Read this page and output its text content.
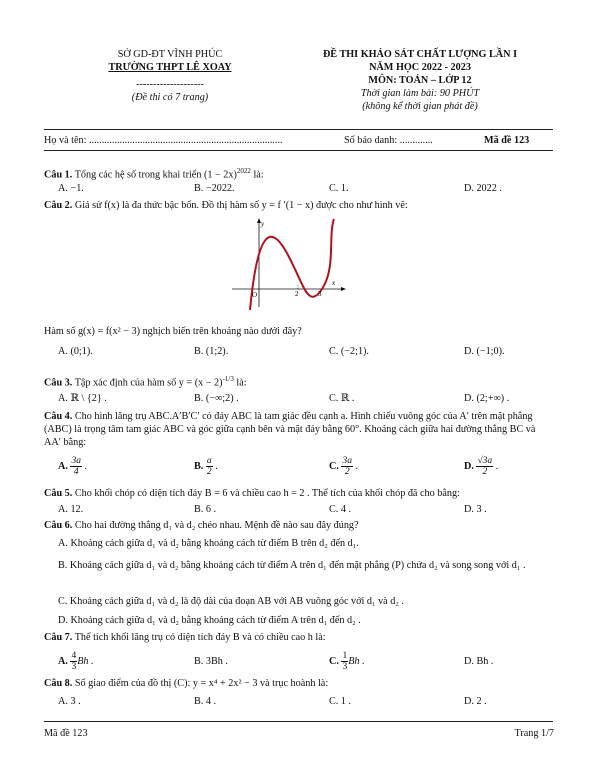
SỞ GD-ĐT VĨNH PHÚC
TRƯỜNG THPT LÊ XOAY
--------------------
(Đề thi có 7 trang)
ĐỀ THI KHẢO SÁT CHẤT LƯỢNG LẦN I
NĂM HỌC 2022 - 2023
MÔN: TOÁN – LỚP 12
Thời gian làm bài: 90 PHÚT
(không kể thời gian phát đề)
Họ và tên: ............................................................................	Số báo danh: .............	Mã đề 123
Câu 1. Tổng các hệ số trong khai triển $(1 - 2x)^{2022}$ là:
A. −1.	B. −2022.	C. 1.	D. 2022 .
Câu 2. Giả sử f(x) là đa thức bậc bốn. Đồ thị hàm số y = f ′(1 − x) được cho như hình vẽ:
y
x
O	2	3
Hàm số g(x) = f(x² − 3) nghịch biến trên khoảng nào dưới đây?
A. (0;1).	B. (1;2).	C. (−2;1).	D. (−1;0).
Câu 3. Tập xác định của hàm số $y = (x - 2)^{-1/3}$ là:
A. ℝ \ {2} .	B. (−∞;2) .	C. ℝ .	D. (2;+∞) .
Câu 4. Cho hình lăng trụ ABC.A′B′C′ có đáy ABC là tam giác đều cạnh a. Hình chiếu vuông góc của A′ trên mặt phẳng (ABC) là trọng tâm tam giác ABC và góc giữa cạnh bên và mặt đáy bằng 60°. Khoảng cách giữa hai đường thẳng BC và AA′ bằng:
A. $\frac{3a}{4}$ .	B. $\frac{a}{2}$ .	C. $\frac{3a}{2}$ .	D. $\frac{√3a}{2}$ .
Câu 5. Cho khối chóp có diện tích đáy B = 6 và chiều cao h = 2 . Thể tích của khối chóp đã cho bằng:
A. 12.	B. 6 .	C. 4 .	D. 3 .
Câu 6. Cho hai đường thẳng d₁ và d₂ chéo nhau. Mệnh đề nào sau đây đúng?
A. Khoảng cách giữa d₁ và d₂ bằng khoảng cách từ điểm B trên d₂ đến d₁.
B. Khoảng cách giữa d₁ và d₂ bằng khoảng cách từ điểm A trên d₁ đến mặt phẳng (P) chứa d₂ và song song với d₁ .
C. Khoảng cách giữa d₁ và d₂ là độ dài của đoạn AB với AB vuông góc với d₁ và d₂ .
D. Khoảng cách giữa d₁ và d₂ bằng khoảng cách từ điểm A trên d₁ đến d₂ .
Câu 7. Thể tích khối lăng trụ có diện tích đáy B và có chiều cao h là:
A. $\frac{4}{3}$ Bh .	B. 3Bh .	C. $\frac{1}{3}$ Bh .	D. Bh .
Câu 8. Số giao điểm của đồ thị (C): y = x⁴ + 2x² − 3 và trục hoành là:
A. 3 .	B. 4 .	C. 1 .	D. 2 .
Mã đề 123	Trang 1/7
